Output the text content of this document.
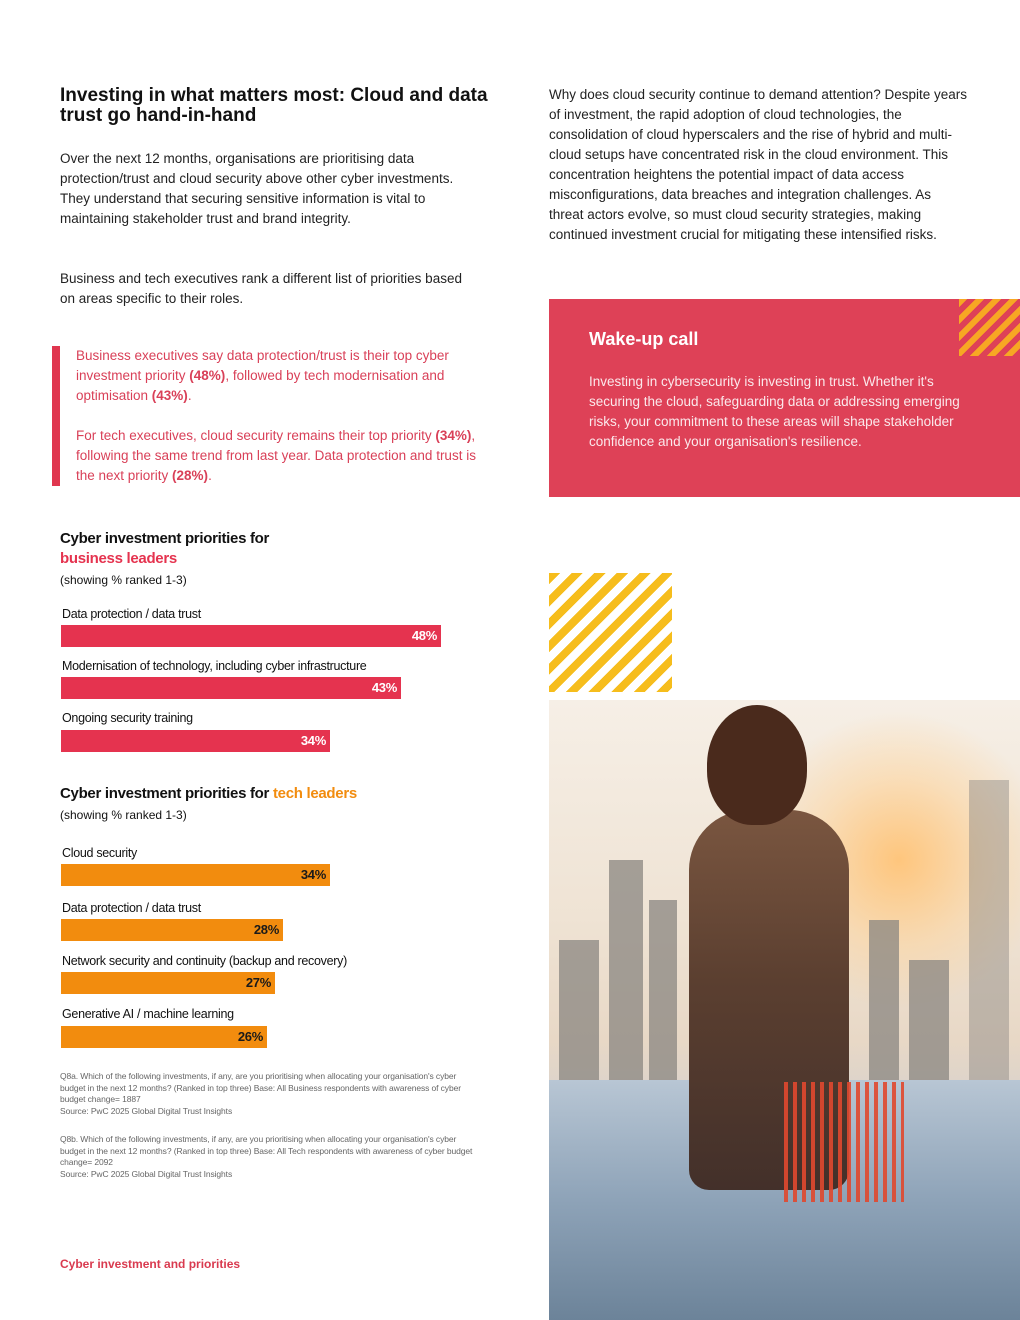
Investing in what matters most: Cloud and data trust go hand-in-hand
Over the next 12 months, organisations are prioritising data protection/trust and cloud security above other cyber investments. They understand that securing sensitive information is vital to maintaining stakeholder trust and brand integrity.
Business and tech executives rank a different list of priorities based on areas specific to their roles.

Business executives say data protection/trust is their top cyber investment priority (48%), followed by tech modernisation and optimisation (43%).

For tech executives, cloud security remains their top priority (34%), following the same trend from last year. Data protection and trust is the next priority (28%).

Cyber investment priorities for
business leaders
(showing % ranked 1-3)
Data protection / data trust
48%
Modernisation of technology, including cyber infrastructure
43%
Ongoing security training
34%
Cyber investment priorities for tech leaders
(showing % ranked 1-3)
Cloud security
34%
Data protection / data trust
28%
Network security and continuity (backup and recovery)
27%
Generative AI / machine learning
26%
Q8a. Which of the following investments, if any, are you prioritising when allocating your organisation's cyber budget in the next 12 months? (Ranked in top three) Base: All Business respondents with awareness of cyber budget change= 1887
Source: PwC 2025 Global Digital Trust Insights
Q8b. Which of the following investments, if any, are you prioritising when allocating your organisation's cyber budget in the next 12 months? (Ranked in top three) Base: All Tech respondents with awareness of cyber budget change= 2092
Source: PwC 2025 Global Digital Trust Insights
Cyber investment and priorities
Why does cloud security continue to demand attention? Despite years of investment, the rapid adoption of cloud technologies, the consolidation of cloud hyperscalers and the rise of hybrid and multi-cloud setups have concentrated risk in the cloud environment. This concentration heightens the potential impact of data access misconfigurations, data breaches and integration challenges. As threat actors evolve, so must cloud security strategies, making continued investment crucial for mitigating these intensified risks.
Wake-up call
Investing in cybersecurity is investing in trust. Whether it's securing the cloud, safeguarding data or addressing emerging risks, your commitment to these areas will shape stakeholder confidence and your organisation's resilience.
